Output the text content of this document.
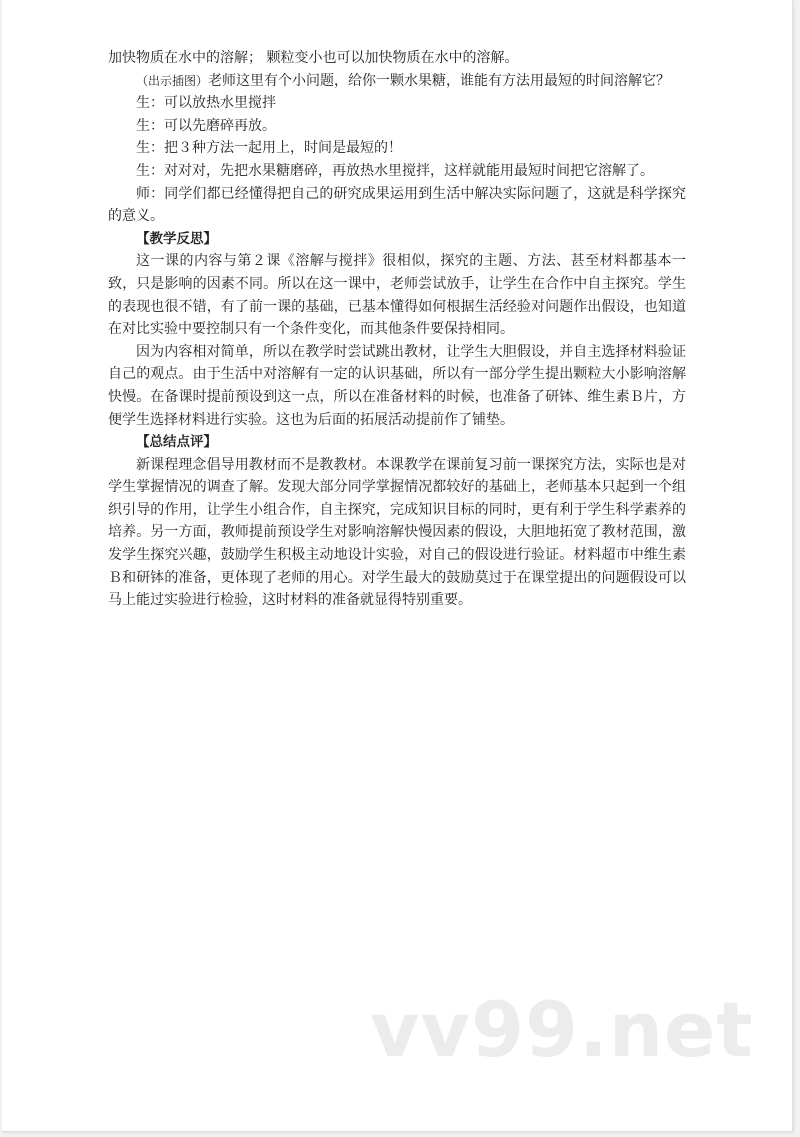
加快物质在水中的溶解； 颗粒变小也可以加快物质在水中的溶解。

（出示插图）老师这里有个小问题，给你一颗水果糖，谁能有方法用最短的时间溶解它？

生：可以放热水里搅拌

生：可以先磨碎再放。

生：把３种方法一起用上，时间是最短的！

生：对对对，先把水果糖磨碎，再放热水里搅拌，这样就能用最短时间把它溶解了。

师：同学们都已经懂得把自己的研究成果运用到生活中解决实际问题了，这就是科学探究的意义。

【教学反思】

这一课的内容与第２课《溶解与搅拌》很相似，探究的主题、方法、甚至材料都基本一致，只是影响的因素不同。所以在这一课中，老师尝试放手，让学生在合作中自主探究。学生的表现也很不错，有了前一课的基础，已基本懂得如何根据生活经验对问题作出假设，也知道在对比实验中要控制只有一个条件变化，而其他条件要保持相同。

因为内容相对简单，所以在教学时尝试跳出教材，让学生大胆假设，并自主选择材料验证自己的观点。由于生活中对溶解有一定的认识基础，所以有一部分学生提出颗粒大小影响溶解快慢。在备课时提前预设到这一点，所以在准备材料的时候，也准备了研钵、维生素Ｂ片，方便学生选择材料进行实验。这也为后面的拓展活动提前作了铺垫。

【总结点评】

新课程理念倡导用教材而不是教教材。本课教学在课前复习前一课探究方法，实际也是对学生掌握情况的调查了解。发现大部分同学掌握情况都较好的基础上，老师基本只起到一个组织引导的作用，让学生小组合作，自主探究，完成知识目标的同时，更有利于学生科学素养的培养。另一方面，教师提前预设学生对影响溶解快慢因素的假设，大胆地拓宽了教材范围，激发学生探究兴趣，鼓励学生积极主动地设计实验，对自己的假设进行验证。材料超市中维生素Ｂ和研钵的准备，更体现了老师的用心。对学生最大的鼓励莫过于在课堂提出的问题假设可以马上能过实验进行检验，这时材料的准备就显得特别重要。

vv99.net
